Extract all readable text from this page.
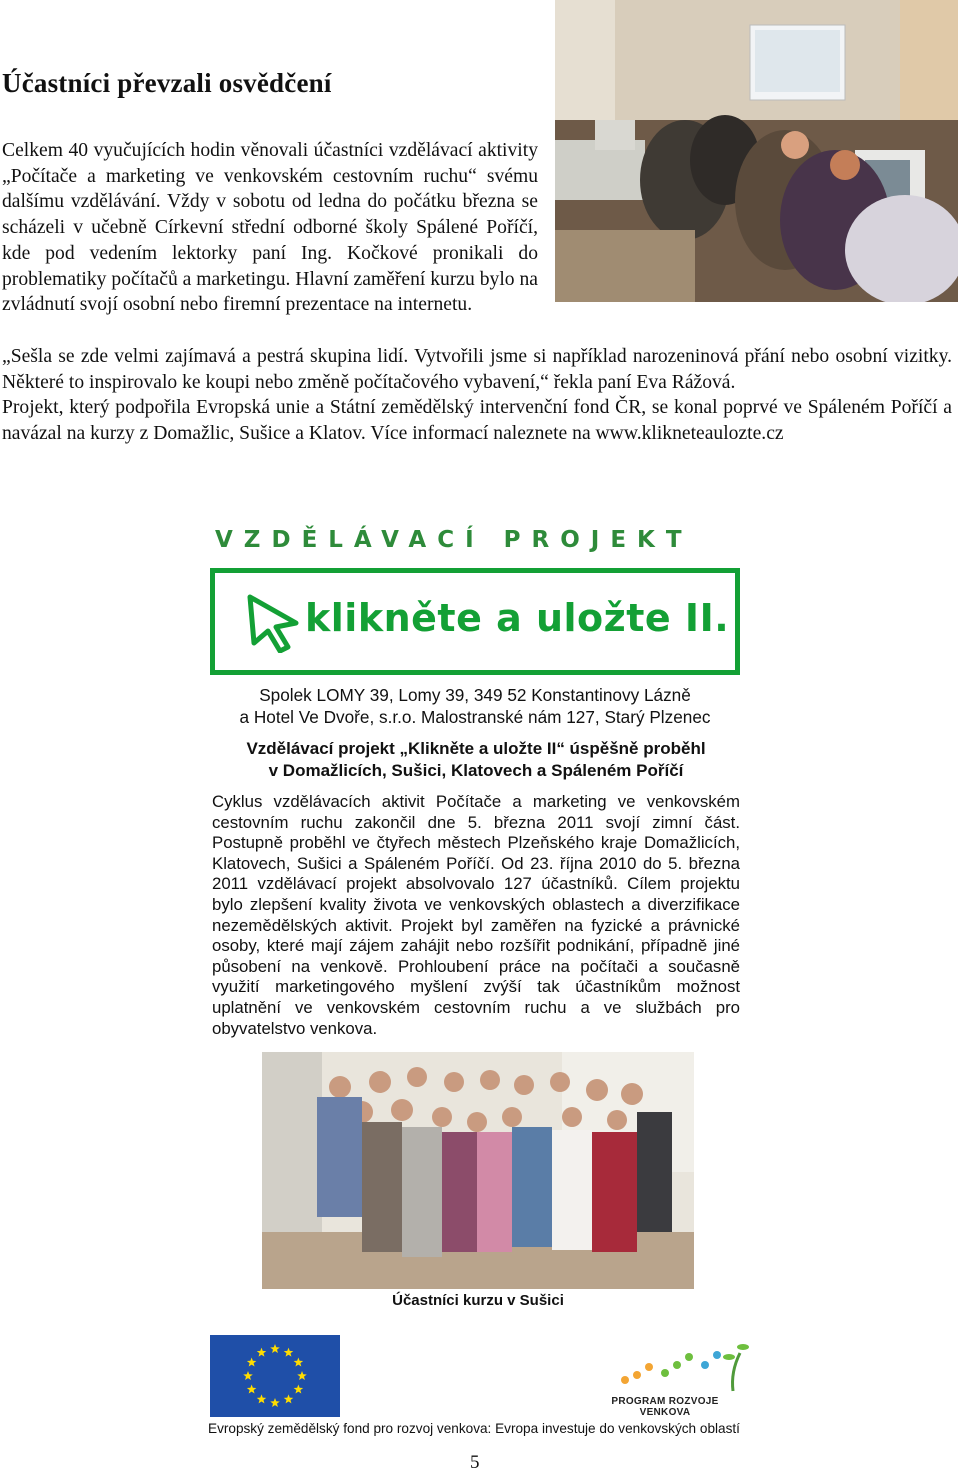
Účastníci převzali osvědčení

Celkem 40 vyučujících hodin věnovali účastníci vzdělávací aktivity „Počítače a marketing ve venkovském cestovním ruchu“ svému dalšímu vzdělávání. Vždy v sobotu od ledna do počátku března se scházeli v učebně Církevní střední odborné školy Spálené Poříčí, kde pod vedením lektorky paní Ing. Kočkové pronikali do problematiky počítačů a marketingu. Hlavní zaměření kurzu bylo na zvládnutí svojí osobní nebo firemní prezentace na internetu.

„Sešla se zde velmi zajímavá a pestrá skupina lidí. Vytvořili jsme si například narozeninová přání nebo osobní vizitky. Některé to inspirovalo ke koupi nebo změně počítačového vybavení,“ řekla paní Eva Rážová.

Projekt, který podpořila Evropská unie a Státní zemědělský intervenční fond ČR, se konal poprvé ve Spáleném Poříčí a navázal na kurzy z Domažlic, Sušice a Klatov. Více informací naleznete na www.klikneteaulozte.cz

VZDĚLÁVACÍ PROJEKT
klikněte a uložte II.
Spolek LOMY 39, Lomy 39, 349 52 Konstantinovy Lázně
a Hotel Ve Dvoře, s.r.o. Malostranské nám 127, Starý Plzenec
Vzdělávací projekt „Klikněte a uložte II“ úspěšně proběhl
v Domažlicích, Sušici, Klatovech a Spáleném Poříčí
Cyklus vzdělávacích aktivit Počítače a marketing ve venkovském cestovním ruchu zakončil dne 5. března 2011 svojí zimní část. Postupně proběhl ve čtyřech městech Plzeňského kraje Domažlicích, Klatovech, Sušici a Spáleném Poříčí. Od 23. října 2010 do 5. března 2011 vzdělávací projekt absolvovalo 127 účastníků. Cílem projektu bylo zlepšení kvality života ve venkovských oblastech a diverzifikace nezemědělských aktivit. Projekt byl zaměřen na fyzické a právnické osoby, které mají zájem zahájit nebo rozšířit podnikání, případně jiné působení na venkově. Prohloubení práce na počítači a současně využití marketingového myšlení zvýší tak účastníkům možnost uplatnění ve venkovském cestovním ruchu a ve službách pro obyvatelstvo venkova.
Účastníci kurzu v Sušici
PROGRAM ROZVOJE VENKOVA
Evropský zemědělský fond pro rozvoj venkova: Evropa investuje do venkovských oblastí
5
